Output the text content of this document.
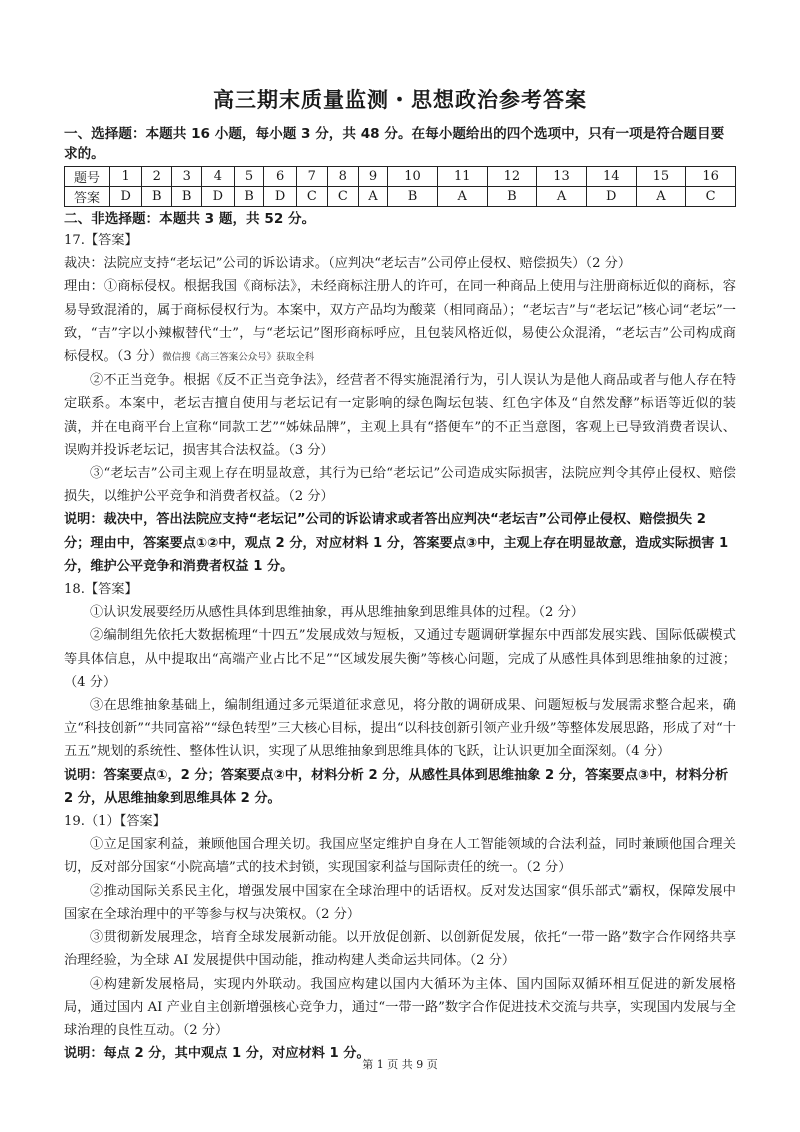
高三期末质量监测・思想政治参考答案

一、选择题：本题共 16 小题，每小题 3 分，共 48 分。在每小题给出的四个选项中，只有一项是符合题目要求的。

题号	1	2	3	4	5	6	7	8	9	10	11	12	13	14	15	16
答案	D	B	B	D	B	D	C	C	A	B	A	B	A	D	A	C

二、非选择题：本题共 3 题，共 52 分。

17.【答案】

裁决：法院应支持“老坛记”公司的诉讼请求。（应判决“老坛吉”公司停止侵权、赔偿损失）（2 分）

理由：①商标侵权。根据我国《商标法》，未经商标注册人的许可，在同一种商品上使用与注册商标近似的商标，容易导致混淆的，属于商标侵权行为。本案中，双方产品均为酸菜（相同商品）；“老坛吉”与“老坛记”核心词“老坛”一致，“吉”字以小辣椒替代“士”，与“老坛记”图形商标呼应，且包装风格近似，易使公众混淆，“老坛吉”公司构成商标侵权。（3 分）微信搜《高三答案公众号》获取全科

②不正当竞争。根据《反不正当竞争法》，经营者不得实施混淆行为，引人误认为是他人商品或者与他人存在特定联系。本案中，老坛吉擅自使用与老坛记有一定影响的绿色陶坛包装、红色字体及“自然发酵”标语等近似的装潢，并在电商平台上宣称“同款工艺”“姊妹品牌”，主观上具有“搭便车”的不正当意图，客观上已导致消费者误认、误购并投诉老坛记，损害其合法权益。（3 分）

③“老坛吉”公司主观上存在明显故意，其行为已给“老坛记”公司造成实际损害，法院应判令其停止侵权、赔偿损失，以维护公平竞争和消费者权益。（2 分）

说明：裁决中，答出法院应支持“老坛记”公司的诉讼请求或者答出应判决“老坛吉”公司停止侵权、赔偿损失 2 分；理由中，答案要点①②中，观点 2 分，对应材料 1 分，答案要点③中，主观上存在明显故意，造成实际损害 1 分，维护公平竞争和消费者权益 1 分。

18.【答案】

①认识发展要经历从感性具体到思维抽象，再从思维抽象到思维具体的过程。（2 分）

②编制组先依托大数据梳理“十四五”发展成效与短板，又通过专题调研掌握东中西部发展实践、国际低碳模式等具体信息，从中提取出“高端产业占比不足”“区域发展失衡”等核心问题，完成了从感性具体到思维抽象的过渡；（4 分）

③在思维抽象基础上，编制组通过多元渠道征求意见，将分散的调研成果、问题短板与发展需求整合起来，确立“科技创新”“共同富裕”“绿色转型”三大核心目标，提出“以科技创新引领产业升级”等整体发展思路，形成了对“十五五”规划的系统性、整体性认识，实现了从思维抽象到思维具体的飞跃，让认识更加全面深刻。（4 分）

说明：答案要点①，2 分；答案要点②中，材料分析 2 分，从感性具体到思维抽象 2 分，答案要点③中，材料分析 2 分，从思维抽象到思维具体 2 分。

19.（1）【答案】

①立足国家利益，兼顾他国合理关切。我国应坚定维护自身在人工智能领域的合法利益，同时兼顾他国合理关切，反对部分国家“小院高墙”式的技术封锁，实现国家利益与国际责任的统一。（2 分）

②推动国际关系民主化，增强发展中国家在全球治理中的话语权。反对发达国家“俱乐部式”霸权，保障发展中国家在全球治理中的平等参与权与决策权。（2 分）

③贯彻新发展理念，培育全球发展新动能。以开放促创新、以创新促发展，依托“一带一路”数字合作网络共享治理经验，为全球 AI 发展提供中国动能，推动构建人类命运共同体。（2 分）

④构建新发展格局，实现内外联动。我国应构建以国内大循环为主体、国内国际双循环相互促进的新发展格局，通过国内 AI 产业自主创新增强核心竞争力，通过“一带一路”数字合作促进技术交流与共享，实现国内发展与全球治理的良性互动。（2 分）

说明：每点 2 分，其中观点 1 分，对应材料 1 分。

第 1 页 共 9 页
